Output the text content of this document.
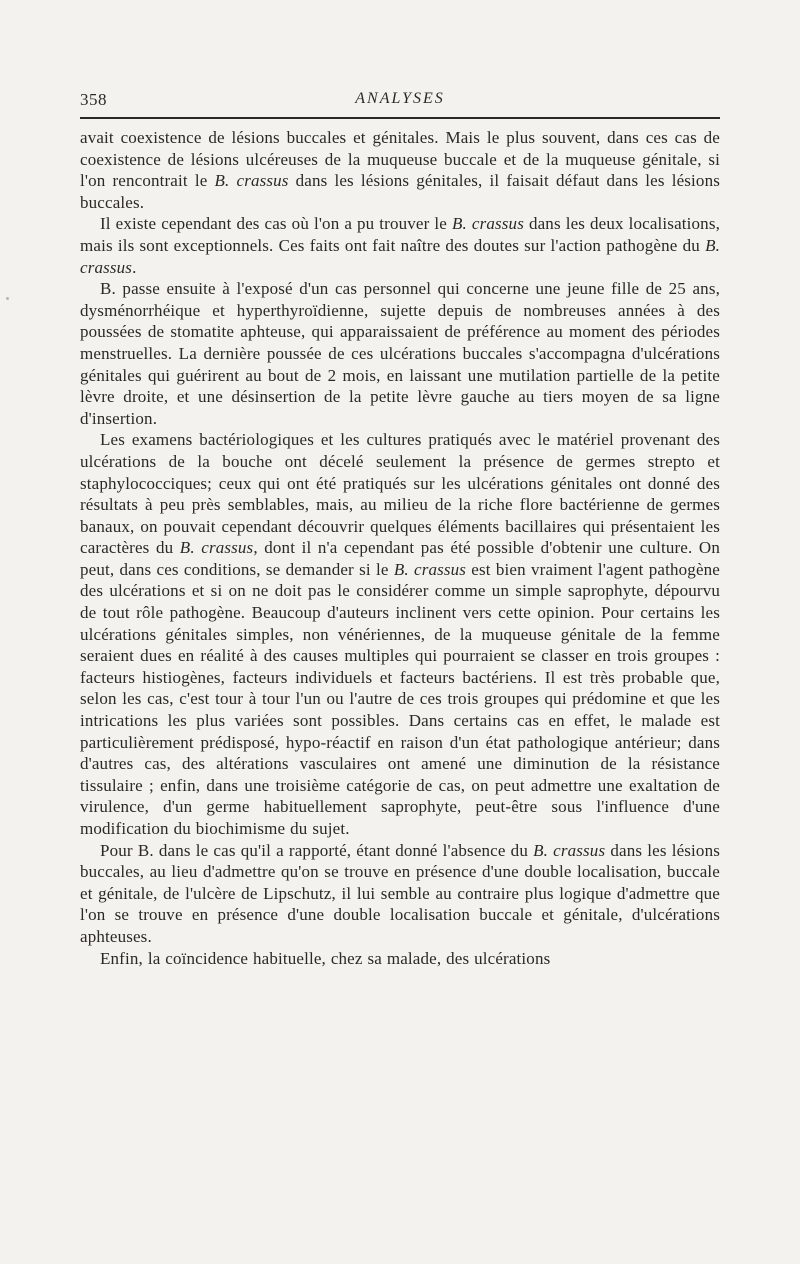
358	ANALYSES

avait coexistence de lésions buccales et génitales. Mais le plus souvent, dans ces cas de coexistence de lésions ulcéreuses de la muqueuse buccale et de la muqueuse génitale, si l'on rencontrait le B. crassus dans les lésions génitales, il faisait défaut dans les lésions buccales.

Il existe cependant des cas où l'on a pu trouver le B. crassus dans les deux localisations, mais ils sont exceptionnels. Ces faits ont fait naître des doutes sur l'action pathogène du B. crassus.

B. passe ensuite à l'exposé d'un cas personnel qui concerne une jeune fille de 25 ans, dysménorrhéique et hyperthyroïdienne, sujette depuis de nombreuses années à des poussées de stomatite aphteuse, qui apparaissaient de préférence au moment des périodes menstruelles. La dernière poussée de ces ulcérations buccales s'accompagna d'ulcérations génitales qui guérirent au bout de 2 mois, en laissant une mutilation partielle de la petite lèvre droite, et une désinsertion de la petite lèvre gauche au tiers moyen de sa ligne d'insertion.

Les examens bactériologiques et les cultures pratiqués avec le matériel provenant des ulcérations de la bouche ont décelé seulement la présence de germes strepto et staphylococciques; ceux qui ont été pratiqués sur les ulcérations génitales ont donné des résultats à peu près semblables, mais, au milieu de la riche flore bactérienne de germes banaux, on pouvait cependant découvrir quelques éléments bacillaires qui présentaient les caractères du B. crassus, dont il n'a cependant pas été possible d'obtenir une culture. On peut, dans ces conditions, se demander si le B. crassus est bien vraiment l'agent pathogène des ulcérations et si on ne doit pas le considérer comme un simple saprophyte, dépourvu de tout rôle pathogène. Beaucoup d'auteurs inclinent vers cette opinion. Pour certains les ulcérations génitales simples, non vénériennes, de la muqueuse génitale de la femme seraient dues en réalité à des causes multiples qui pourraient se classer en trois groupes : facteurs histiogènes, facteurs individuels et facteurs bactériens. Il est très probable que, selon les cas, c'est tour à tour l'un ou l'autre de ces trois groupes qui prédomine et que les intrications les plus variées sont possibles. Dans certains cas en effet, le malade est particulièrement prédisposé, hypo-réactif en raison d'un état pathologique antérieur; dans d'autres cas, des altérations vasculaires ont amené une diminution de la résistance tissulaire ; enfin, dans une troisième catégorie de cas, on peut admettre une exaltation de virulence, d'un germe habituellement saprophyte, peut-être sous l'influence d'une modification du biochimisme du sujet.

Pour B. dans le cas qu'il a rapporté, étant donné l'absence du B. crassus dans les lésions buccales, au lieu d'admettre qu'on se trouve en présence d'une double localisation, buccale et génitale, de l'ulcère de Lipschutz, il lui semble au contraire plus logique d'admettre que l'on se trouve en présence d'une double localisation buccale et génitale, d'ulcérations aphteuses.

Enfin, la coïncidence habituelle, chez sa malade, des ulcérations
